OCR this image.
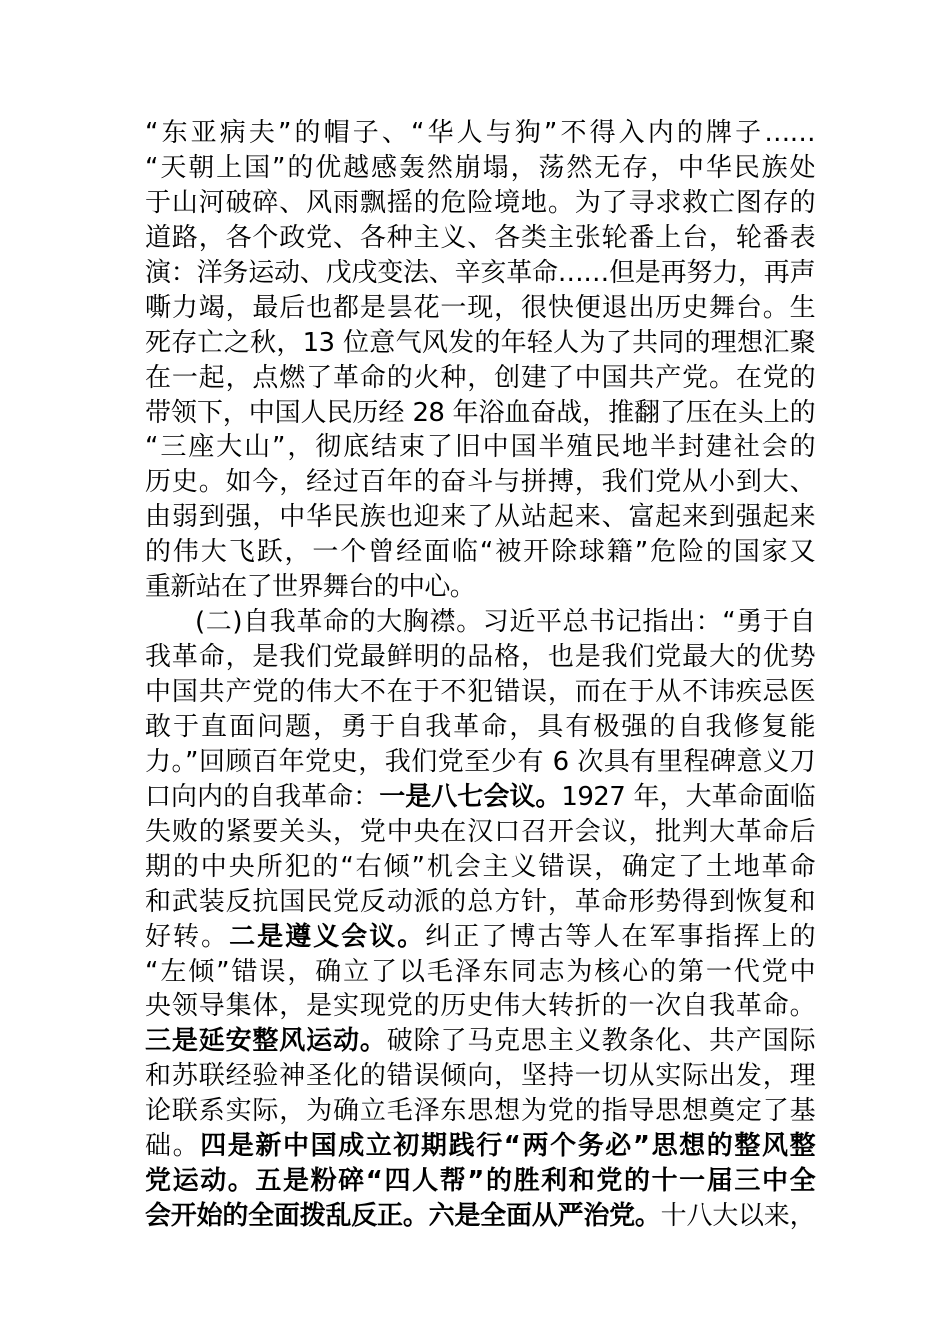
“东亚病夫”的帽子、“华人与狗”不得入内的牌子……
“天朝上国”的优越感轰然崩塌，荡然无存，中华民族处
于山河破碎、风雨飘摇的危险境地。为了寻求救亡图存的
道路，各个政党、各种主义、各类主张轮番上台，轮番表
演：洋务运动、戊戌变法、辛亥革命……但是再努力，再声
嘶力竭，最后也都是昙花一现，很快便退出历史舞台。生
死存亡之秋，13 位意气风发的年轻人为了共同的理想汇聚
在一起，点燃了革命的火种，创建了中国共产党。在党的
带领下，中国人民历经 28 年浴血奋战，推翻了压在头上的
“三座大山”，彻底结束了旧中国半殖民地半封建社会的
历史。如今，经过百年的奋斗与拼搏，我们党从小到大、
由弱到强，中华民族也迎来了从站起来、富起来到强起来
的伟大飞跃，一个曾经面临“被开除球籍”危险的国家又
重新站在了世界舞台的中心。
(二)自我革命的大胸襟。习近平总书记指出：“勇于自
我革命，是我们党最鲜明的品格，也是我们党最大的优势
中国共产党的伟大不在于不犯错误，而在于从不讳疾忌医
敢于直面问题，勇于自我革命，具有极强的自我修复能
力。”回顾百年党史，我们党至少有 6 次具有里程碑意义刀
口向内的自我革命：一是八七会议。1927 年，大革命面临
失败的紧要关头，党中央在汉口召开会议，批判大革命后
期的中央所犯的“右倾”机会主义错误，确定了土地革命
和武装反抗国民党反动派的总方针，革命形势得到恢复和
好转。二是遵义会议。纠正了博古等人在军事指挥上的
“左倾”错误，确立了以毛泽东同志为核心的第一代党中
央领导集体，是实现党的历史伟大转折的一次自我革命。
三是延安整风运动。破除了马克思主义教条化、共产国际
和苏联经验神圣化的错误倾向，坚持一切从实际出发，理
论联系实际，为确立毛泽东思想为党的指导思想奠定了基
础。四是新中国成立初期践行“两个务必”思想的整风整
党运动。五是粉碎“四人帮”的胜利和党的十一届三中全
会开始的全面拨乱反正。六是全面从严治党。十八大以来，
